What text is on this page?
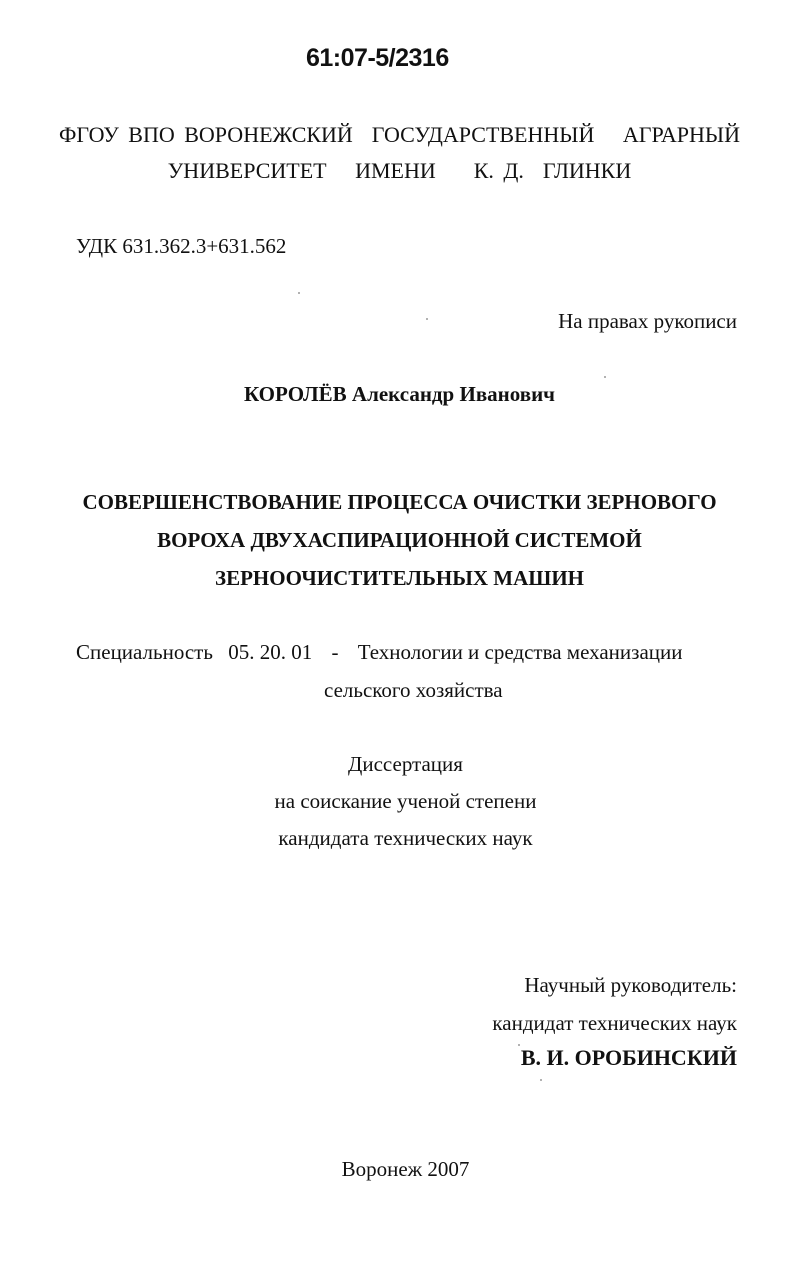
61:07-5/2316
ФГОУ ВПО ВОРОНЕЖСКИЙ  ГОСУДАРСТВЕННЫЙ   АГРАРНЫЙ
УНИВЕРСИТЕТ   ИМЕНИ    К. Д.  ГЛИНКИ
УДК 631.362.3+631.562
На правах рукописи
КОРОЛЁВ Александр Иванович
СОВЕРШЕНСТВОВАНИЕ ПРОЦЕССА ОЧИСТКИ ЗЕРНОВОГО
ВОРОХА ДВУХАСПИРАЦИОННОЙ СИСТЕМОЙ
ЗЕРНООЧИСТИТЕЛЬНЫХ МАШИН
Специальность 05. 20. 01 - Технологии и средства механизации
сельского хозяйства
Диссертация
на соискание ученой степени
кандидата технических наук
Научный руководитель:
кандидат технических наук
В. И. ОРОБИНСКИЙ
Воронеж 2007
